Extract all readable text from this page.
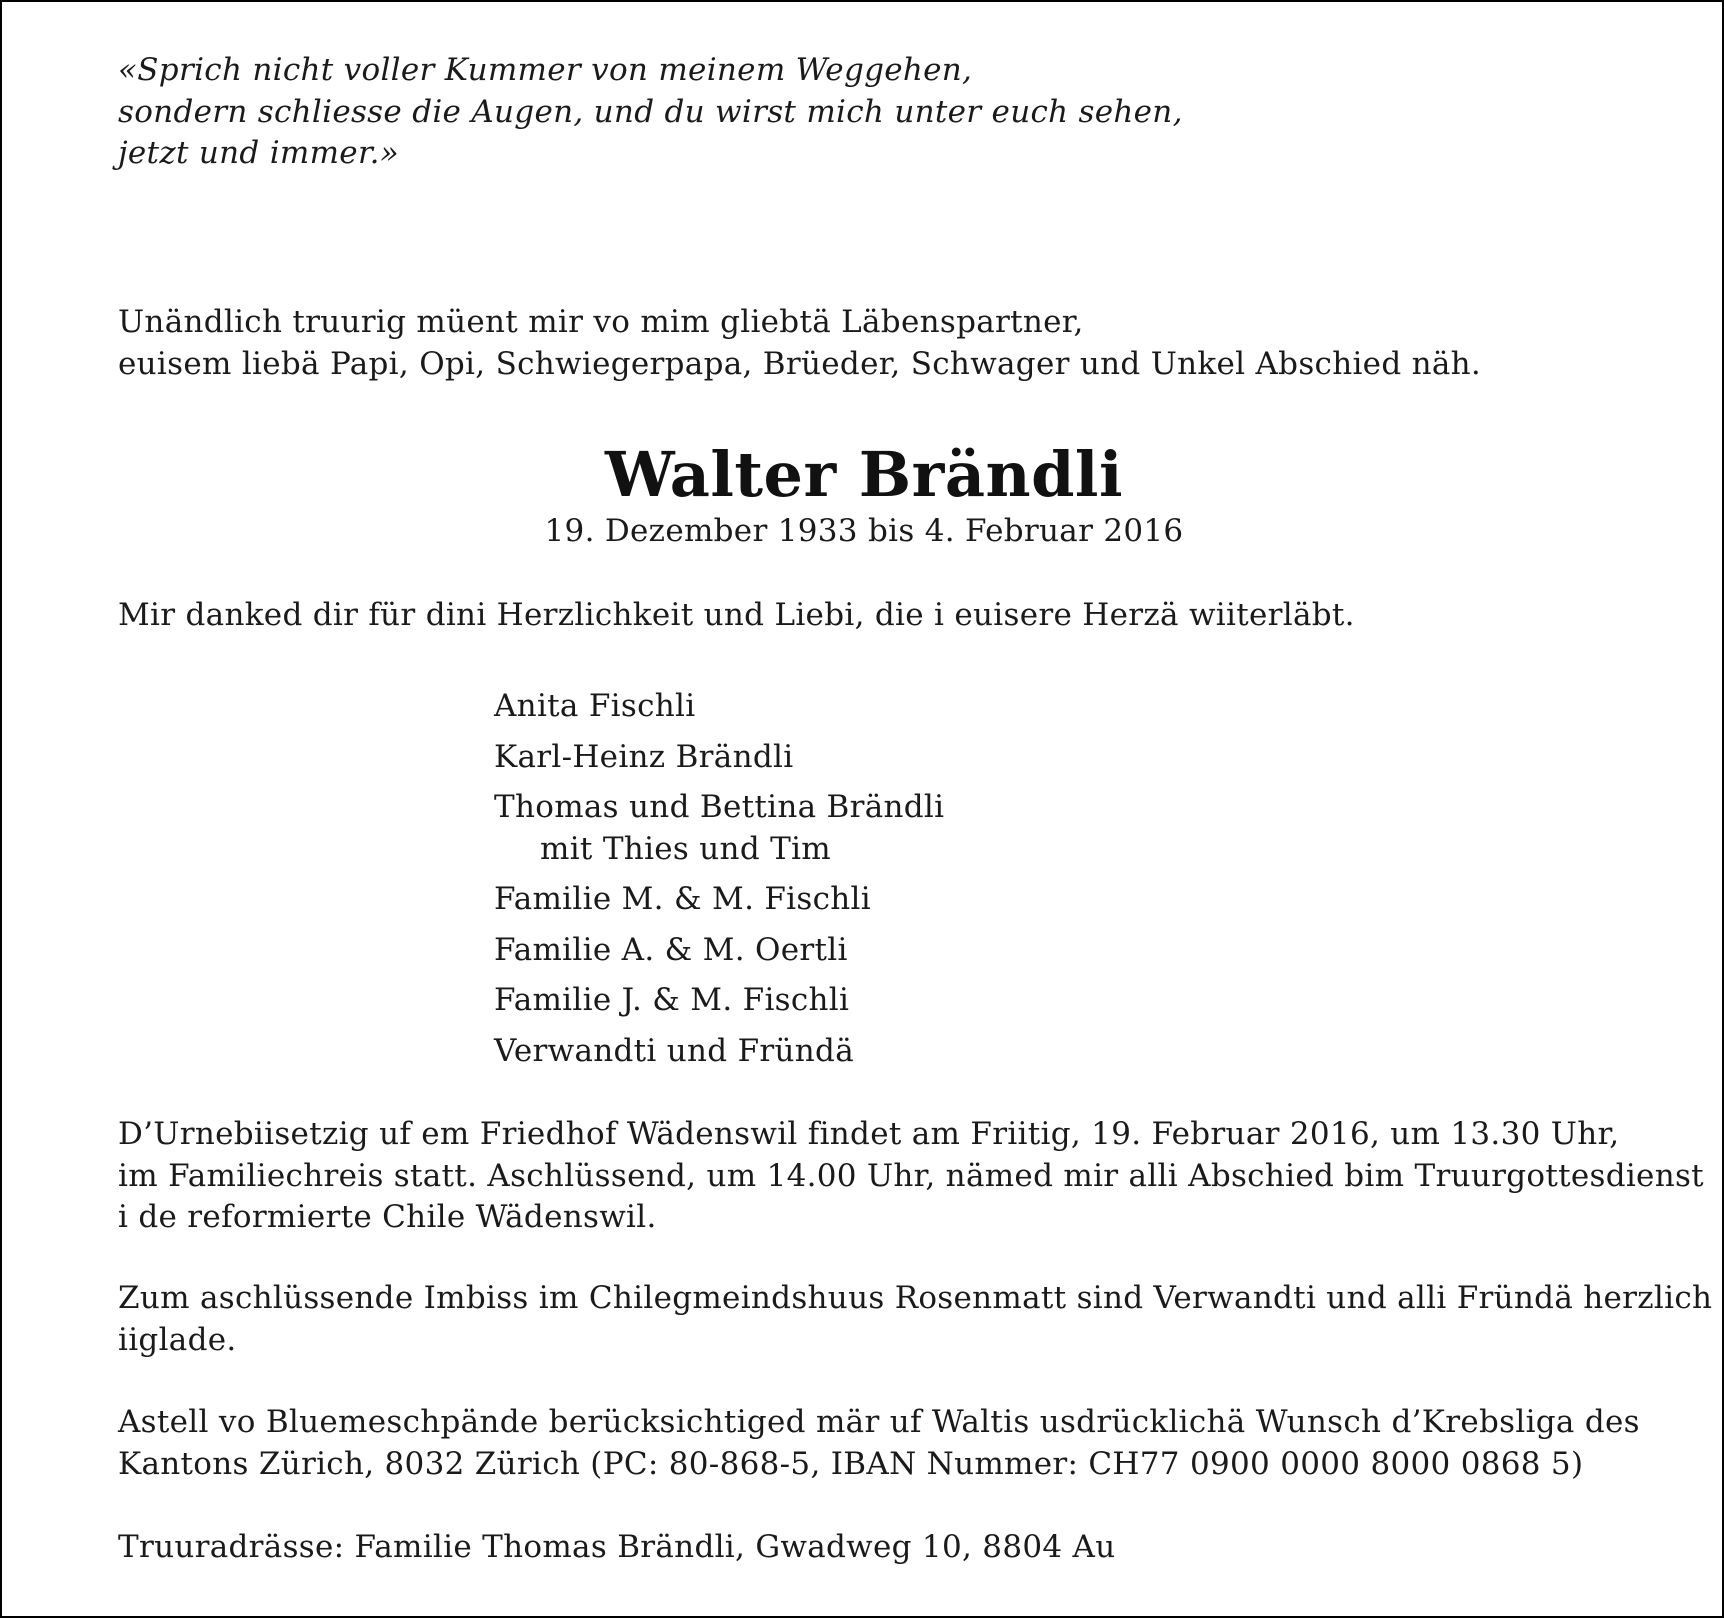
«Sprich nicht voller Kummer von meinem Weggehen,
sondern schliesse die Augen, und du wirst mich unter euch sehen,
jetzt und immer.»

Unändlich truurig müent mir vo mim gliebtä Läbenspartner,
euisem liebä Papi, Opi, Schwiegerpapa, Brüeder, Schwager und Unkel Abschied näh.

Walter Brändli

19. Dezember 1933 bis 4. Februar 2016

Mir danked dir für dini Herzlichkeit und Liebi, die i euisere Herzä wiiterläbt.

Anita Fischli
Karl-Heinz Brändli
Thomas und Bettina Brändli
mit Thies und Tim
Familie M. & M. Fischli
Familie A. & M. Oertli
Familie J. & M. Fischli
Verwandti und Fründä

D’Urnebiisetzig uf em Friedhof Wädenswil findet am Friitig, 19. Februar 2016, um 13.30 Uhr,
im Familiechreis statt. Aschlüssend, um 14.00 Uhr, nämed mir alli Abschied bim Truurgottesdienst
i de reformierte Chile Wädenswil.

Zum aschlüssende Imbiss im Chilegmeindshuus Rosenmatt sind Verwandti und alli Fründä herzlich
iiglade.

Astell vo Bluemeschpände berücksichtiged mär uf Waltis usdrücklichä Wunsch d’Krebsliga des
Kantons Zürich, 8032 Zürich (PC: 80-868-5, IBAN Nummer: CH77 0900 0000 8000 0868 5)

Truuradrässe: Familie Thomas Brändli, Gwadweg 10, 8804 Au
